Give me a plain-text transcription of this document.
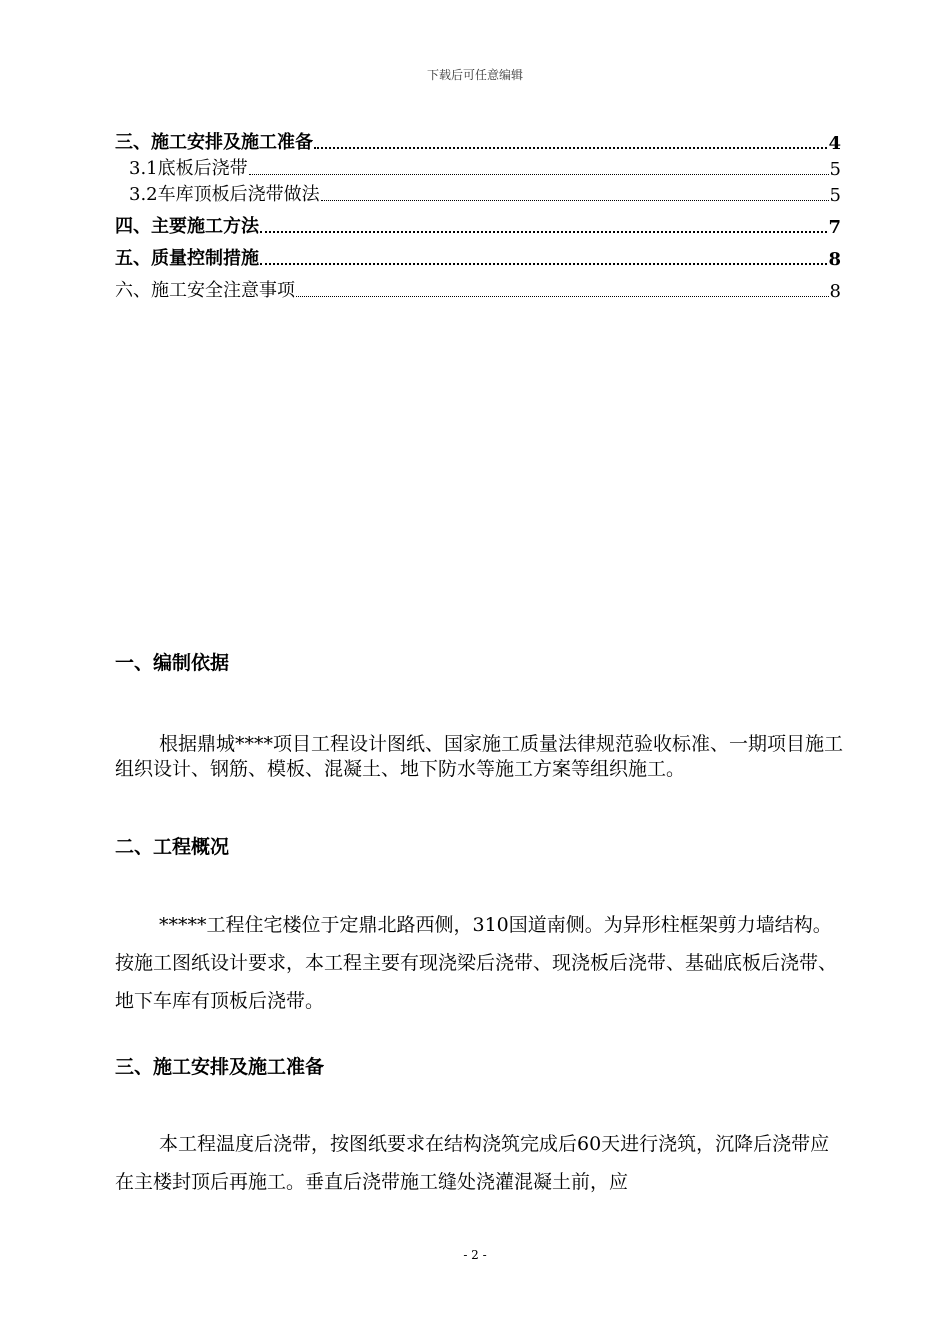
下载后可任意编辑
三、施工安排及施工准备	4
3.1底板后浇带	5
3.2车库顶板后浇带做法	5
四、主要施工方法	7
五、质量控制措施	8
六、施工安全注意事项	8
一、编制依据
根据鼎城****项目工程设计图纸、国家施工质量法律规范验收标准、一期项目施工组织设计、钢筋、模板、混凝土、地下防水等施工方案等组织施工。
二、工程概况
*****工程住宅楼位于定鼎北路西侧，310国道南侧。为异形柱框架剪力墙结构。按施工图纸设计要求，本工程主要有现浇梁后浇带、现浇板后浇带、基础底板后浇带、地下车库有顶板后浇带。
三、施工安排及施工准备
本工程温度后浇带，按图纸要求在结构浇筑完成后60天进行浇筑，沉降后浇带应在主楼封顶后再施工。垂直后浇带施工缝处浇灌混凝土前，应
- 2 -
